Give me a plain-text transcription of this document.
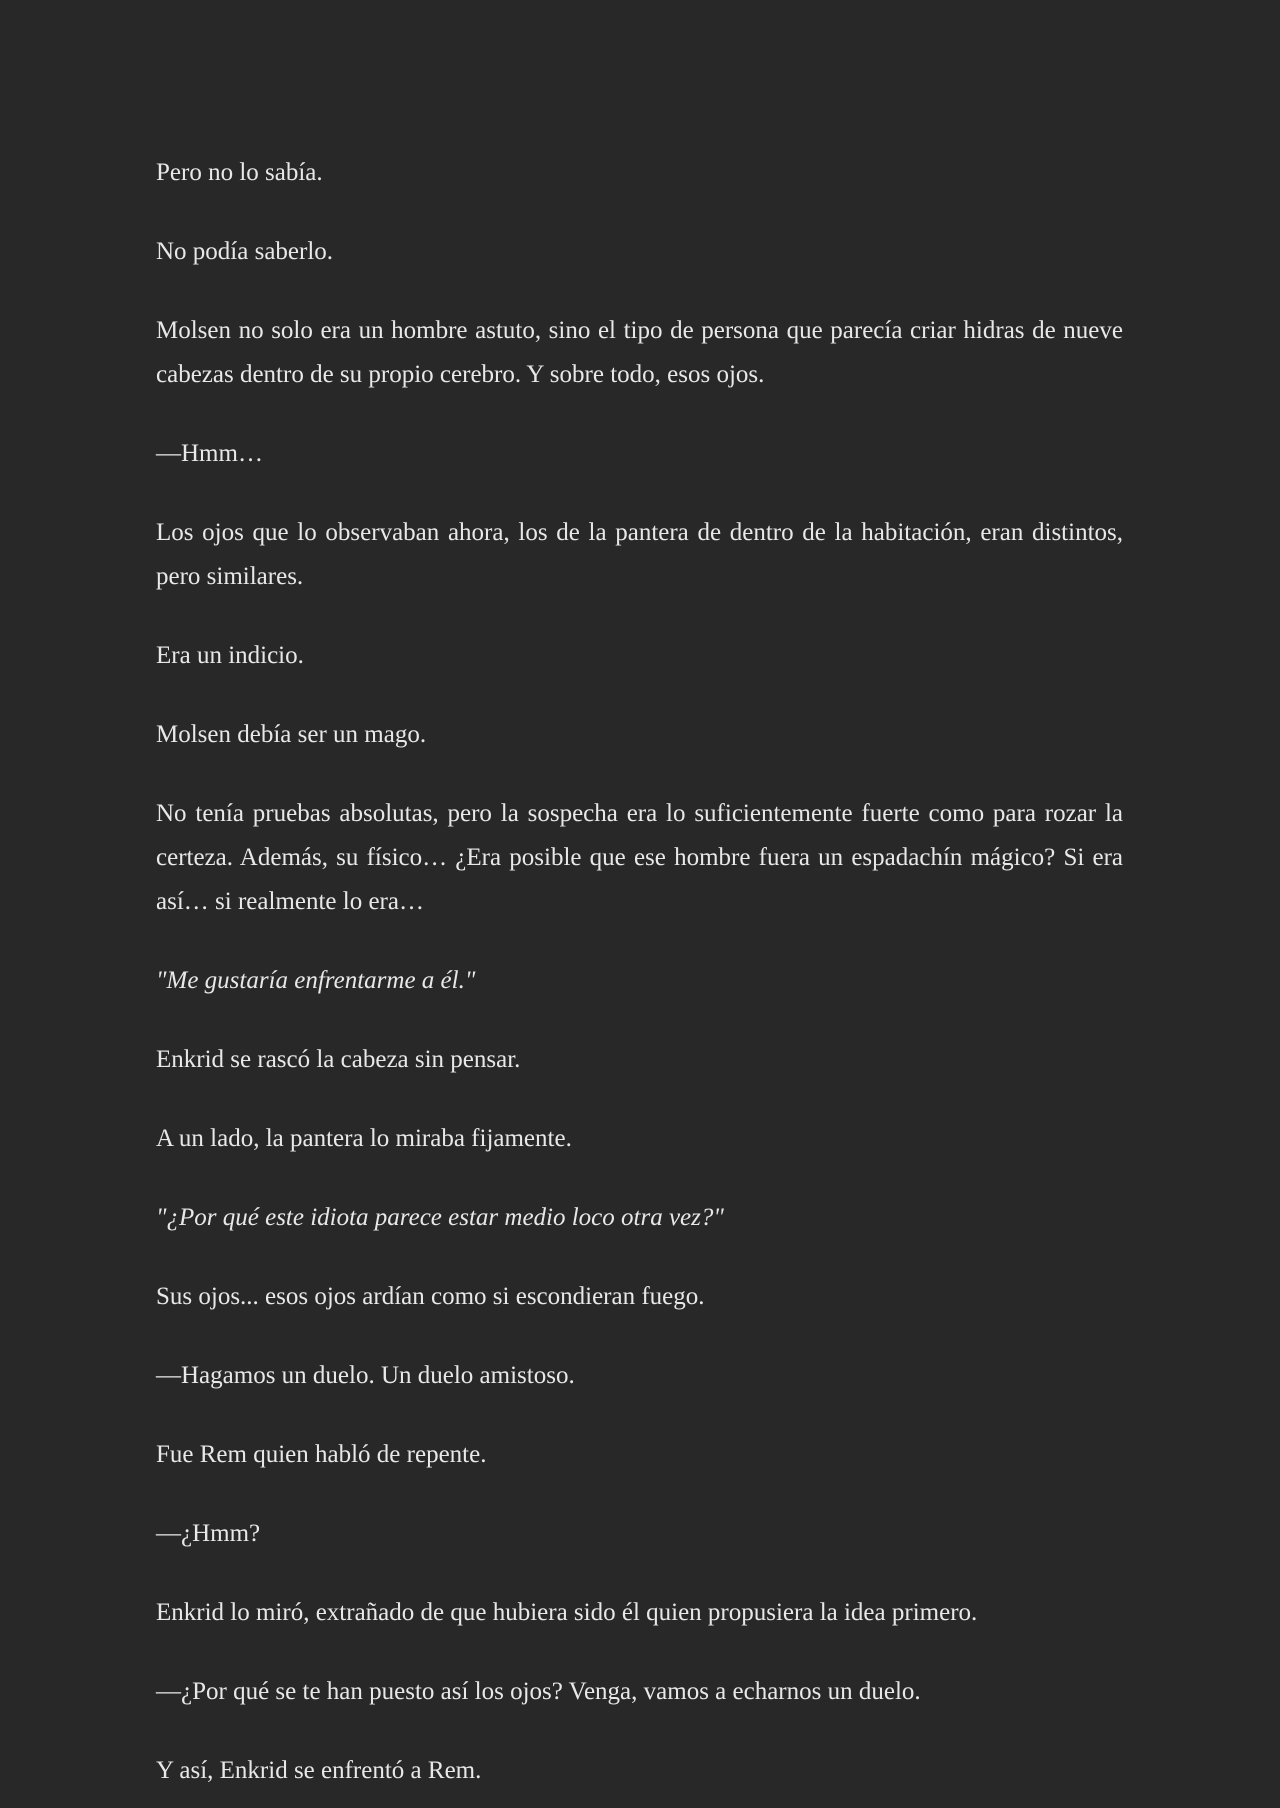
Pero no lo sabía.

No podía saberlo.

Molsen no solo era un hombre astuto, sino el tipo de persona que parecía criar hidras de nueve cabezas dentro de su propio cerebro. Y sobre todo, esos ojos.

—Hmm…

Los ojos que lo observaban ahora, los de la pantera de dentro de la habitación, eran distintos, pero similares.

Era un indicio.

Molsen debía ser un mago.

No tenía pruebas absolutas, pero la sospecha era lo suficientemente fuerte como para rozar la certeza. Además, su físico… ¿Era posible que ese hombre fuera un espadachín mágico? Si era así… si realmente lo era…

"Me gustaría enfrentarme a él."

Enkrid se rascó la cabeza sin pensar.

A un lado, la pantera lo miraba fijamente.

"¿Por qué este idiota parece estar medio loco otra vez?"

Sus ojos... esos ojos ardían como si escondieran fuego.

—Hagamos un duelo. Un duelo amistoso.

Fue Rem quien habló de repente.

—¿Hmm?

Enkrid lo miró, extrañado de que hubiera sido él quien propusiera la idea primero.

—¿Por qué se te han puesto así los ojos? Venga, vamos a echarnos un duelo.

Y así, Enkrid se enfrentó a Rem.
